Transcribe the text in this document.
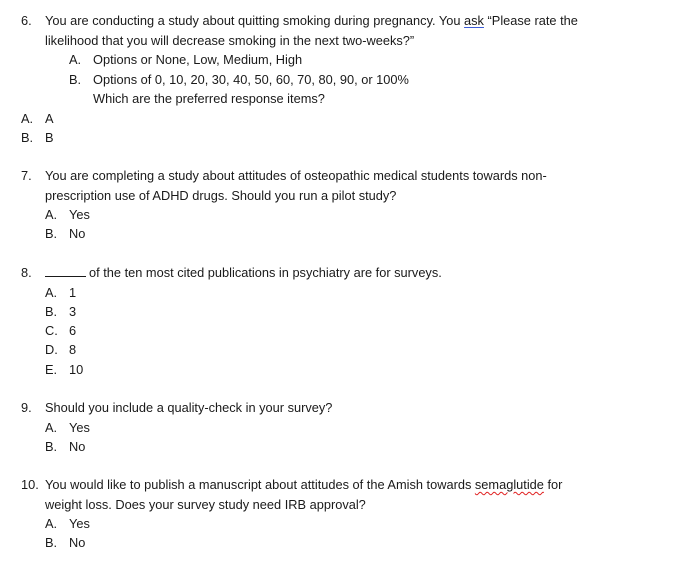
6. You are conducting a study about quitting smoking during pregnancy. You ask “Please rate the
likelihood that you will decrease smoking in the next two-weeks?”
A. Options or None, Low, Medium, High
B. Options of 0, 10, 20, 30, 40, 50, 60, 70, 80, 90, or 100%
Which are the preferred response items?
A. A
B. B
7. You are completing a study about attitudes of osteopathic medical students towards non-
prescription use of ADHD drugs. Should you run a pilot study?
A. Yes
B. No
8.	of the ten most cited publications in psychiatry are for surveys.
A. 1
B. 3
C. 6
D. 8
E. 10
9. Should you include a quality-check in your survey?
A. Yes
B. No
10. You would like to publish a manuscript about attitudes of the Amish towards semaglutide for
weight loss. Does your survey study need IRB approval?
A. Yes
B. No
